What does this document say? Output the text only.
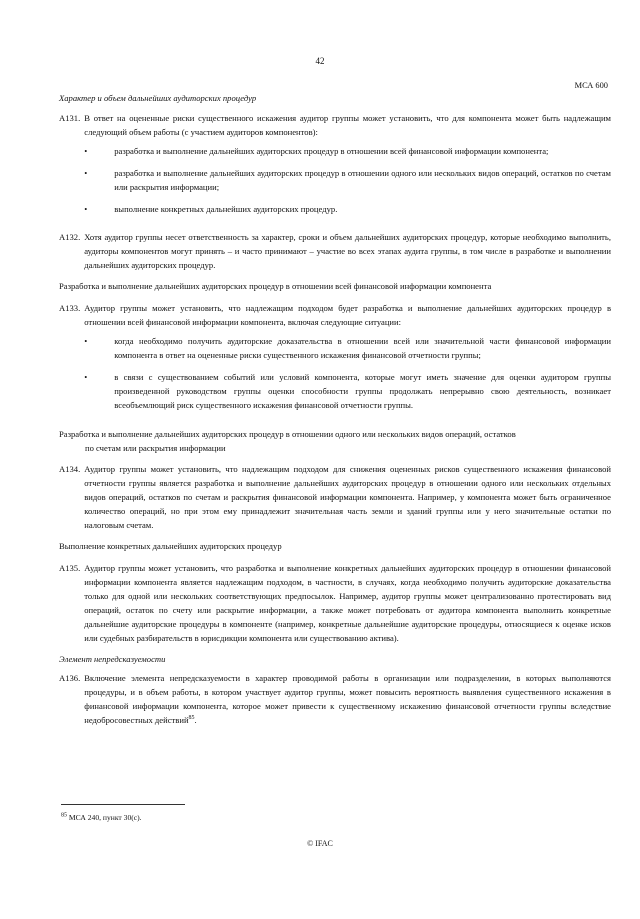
42
МСА 600
Характер и объем дальнейших аудиторских процедур
A131. В ответ на оцененные риски существенного искажения аудитор группы может установить, что для компонента может быть надлежащим следующий объем работы (с участием аудиторов компонентов):
•	разработка и выполнение дальнейших аудиторских процедур в отношении всей финансовой информации компонента;
•	разработка и выполнение дальнейших аудиторских процедур в отношении одного или нескольких видов операций, остатков по счетам или раскрытия информации;
•	выполнение конкретных дальнейших аудиторских процедур.
A132. Хотя аудитор группы несет ответственность за характер, сроки и объем дальнейших аудиторских процедур, которые необходимо выполнить, аудиторы компонентов могут принять – и часто принимают – участие во всех этапах аудита группы, в том числе в разработке и выполнении дальнейших аудиторских процедур.
Разработка и выполнение дальнейших аудиторских процедур в отношении всей финансовой информации компонента
A133. Аудитор группы может установить, что надлежащим подходом будет разработка и выполнение дальнейших аудиторских процедур в отношении всей финансовой информации компонента, включая следующие ситуации:
•	когда необходимо получить аудиторские доказательства в отношении всей или значительной части финансовой информации компонента в ответ на оцененные риски существенного искажения финансовой отчетности группы;
•	в связи с существованием событий или условий компонента, которые могут иметь значение для оценки аудитором группы произведенной руководством группы оценки способности группы продолжать непрерывно свою деятельность, возникает всеобъемлющий риск существенного искажения финансовой отчетности группы.
Разработка и выполнение дальнейших аудиторских процедур в отношении одного или нескольких видов операций, остатков
по счетам или раскрытия информации
A134. Аудитор группы может установить, что надлежащим подходом для снижения оцененных рисков существенного искажения финансовой отчетности группы является разработка и выполнение дальнейших аудиторских процедур в отношении одного или нескольких отдельных видов операций, остатков по счетам и раскрытия финансовой информации компонента. Например, у компонента может быть ограниченное количество операций, но при этом ему принадлежит значительная часть земли и зданий группы или у него значительные остатки по налоговым счетам.
Выполнение конкретных дальнейших аудиторских процедур
A135. Аудитор группы может установить, что разработка и выполнение конкретных дальнейших аудиторских процедур в отношении финансовой информации компонента является надлежащим подходом, в частности, в случаях, когда необходимо получить аудиторские доказательства только для одной или нескольких соответствующих предпосылок. Например, аудитор группы может централизованно протестировать вид операций, остаток по счету или раскрытие информации, а также может потребовать от аудитора компонента выполнить конкретные дальнейшие аудиторские процедуры в компоненте (например, конкретные дальнейшие аудиторские процедуры, относящиеся к оценке исков или судебных разбирательств в юрисдикции компонента или существованию актива).
Элемент непредсказуемости
A136. Включение элемента непредсказуемости в характер проводимой работы в организации или подразделении, в которых выполняются процедуры, и в объем работы, в котором участвует аудитор группы, может повысить вероятность выявления существенного искажения в финансовой информации компонента, которое может привести к существенному искажению финансовой отчетности группы вследствие недобросовестных действий$^{85}$.
$^{85}$ МСА 240, пункт 30(c).
© IFAC
